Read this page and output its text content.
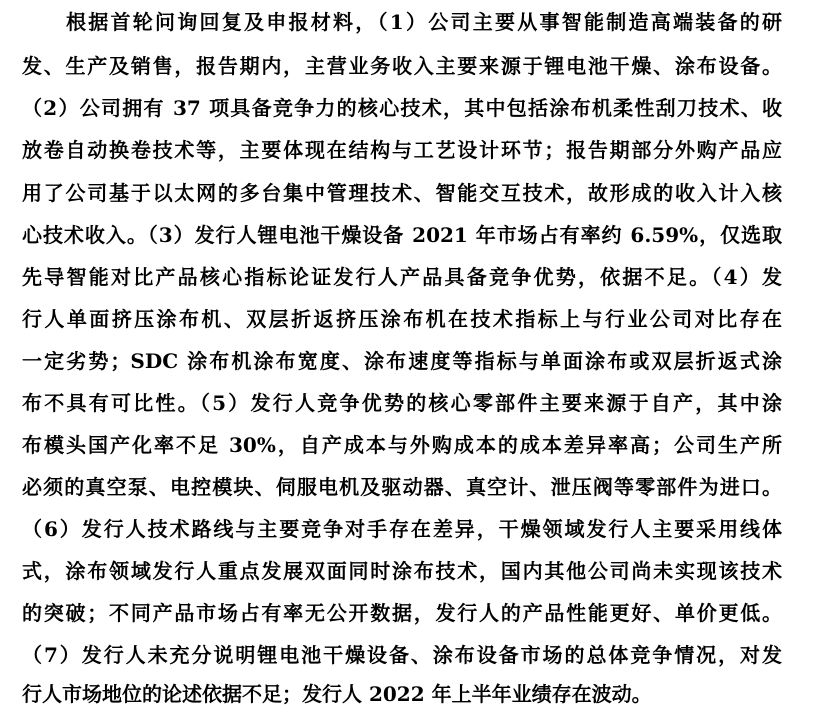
根据首轮问询回复及申报材料，（1）公司主要从事智能制造高端装备的研
发、生产及销售，报告期内，主营业务收入主要来源于锂电池干燥、涂布设备。
（2）公司拥有 37 项具备竞争力的核心技术，其中包括涂布机柔性刮刀技术、收
放卷自动换卷技术等，主要体现在结构与工艺设计环节；报告期部分外购产品应
用了公司基于以太网的多台集中管理技术、智能交互技术，故形成的收入计入核
心技术收入。（3）发行人锂电池干燥设备 2021 年市场占有率约 6.59%，仅选取
先导智能对比产品核心指标论证发行人产品具备竞争优势，依据不足。（4）发
行人单面挤压涂布机、双层折返挤压涂布机在技术指标上与行业公司对比存在
一定劣势；SDC 涂布机涂布宽度、涂布速度等指标与单面涂布或双层折返式涂
布不具有可比性。（5）发行人竞争优势的核心零部件主要来源于自产，其中涂
布模头国产化率不足 30%，自产成本与外购成本的成本差异率高；公司生产所
必须的真空泵、电控模块、伺服电机及驱动器、真空计、泄压阀等零部件为进口。
（6）发行人技术路线与主要竞争对手存在差异，干燥领域发行人主要采用线体
式，涂布领域发行人重点发展双面同时涂布技术，国内其他公司尚未实现该技术
的突破；不同产品市场占有率无公开数据，发行人的产品性能更好、单价更低。
（7）发行人未充分说明锂电池干燥设备、涂布设备市场的总体竞争情况，对发
行人市场地位的论述依据不足；发行人 2022 年上半年业绩存在波动。
